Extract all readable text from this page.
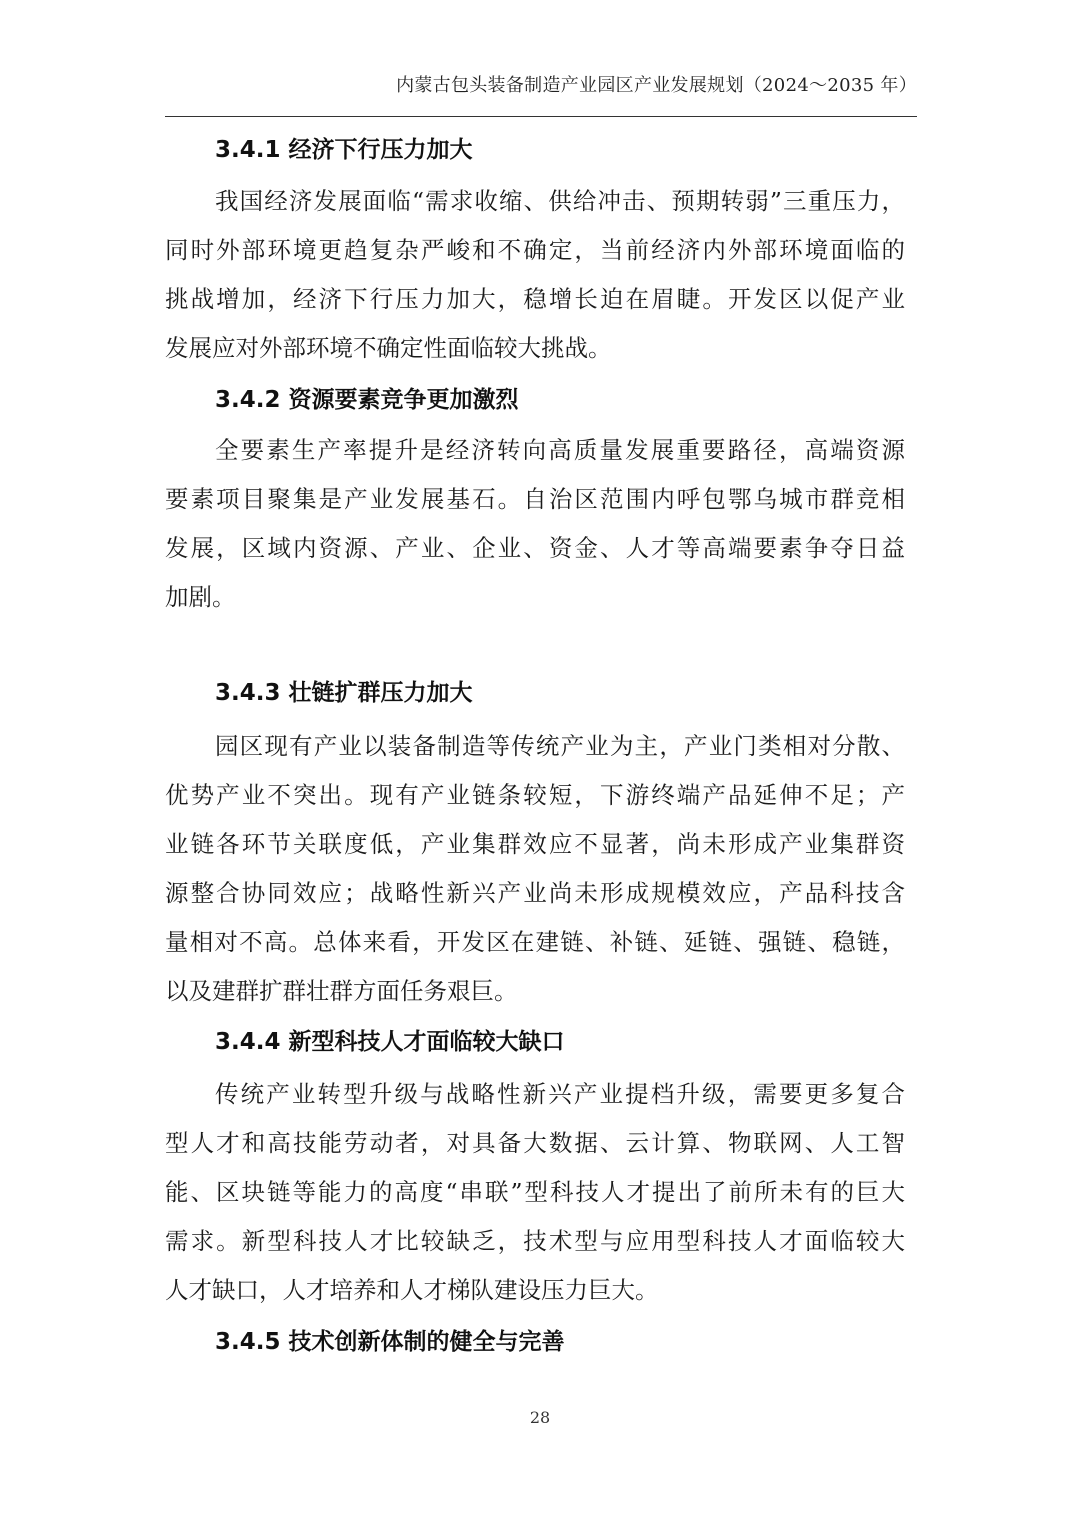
内蒙古包头装备制造产业园区产业发展规划（2024～2035 年）
3.4.1 经济下行压力加大
我国经济发展面临“需求收缩、供给冲击、预期转弱”三重压力，
同时外部环境更趋复杂严峻和不确定，当前经济内外部环境面临的
挑战增加，经济下行压力加大，稳增长迫在眉睫。开发区以促产业
发展应对外部环境不确定性面临较大挑战。
3.4.2 资源要素竞争更加激烈
全要素生产率提升是经济转向高质量发展重要路径，高端资源
要素项目聚集是产业发展基石。自治区范围内呼包鄂乌城市群竞相
发展，区域内资源、产业、企业、资金、人才等高端要素争夺日益
加剧。
3.4.3 壮链扩群压力加大
园区现有产业以装备制造等传统产业为主，产业门类相对分散、
优势产业不突出。现有产业链条较短，下游终端产品延伸不足；产
业链各环节关联度低，产业集群效应不显著，尚未形成产业集群资
源整合协同效应；战略性新兴产业尚未形成规模效应，产品科技含
量相对不高。总体来看，开发区在建链、补链、延链、强链、稳链，
以及建群扩群壮群方面任务艰巨。
3.4.4 新型科技人才面临较大缺口
传统产业转型升级与战略性新兴产业提档升级，需要更多复合
型人才和高技能劳动者，对具备大数据、云计算、物联网、人工智
能、区块链等能力的高度“串联”型科技人才提出了前所未有的巨大
需求。新型科技人才比较缺乏，技术型与应用型科技人才面临较大
人才缺口，人才培养和人才梯队建设压力巨大。
3.4.5 技术创新体制的健全与完善
28
